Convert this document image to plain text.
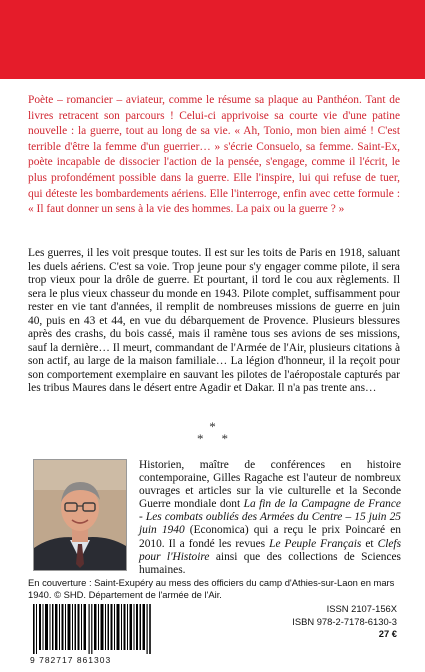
Poète – romancier – aviateur, comme le résume sa plaque au Panthéon. Tant de livres retracent son parcours ! Celui-ci apprivoise sa courte vie d'une patine nouvelle : la guerre, tout au long de sa vie. « Ah, Tonio, mon bien aimé ! C'est terrible d'être la femme d'un guerrier… » s'écrie Consuelo, sa femme. Saint-Ex, poète incapable de dissocier l'action de la pensée, s'engage, comme il l'écrit, le plus profondément possible dans la guerre. Elle l'inspire, lui qui refuse de tuer, qui déteste les bombardements aériens. Elle l'interroge, enfin avec cette formule : « Il faut donner un sens à la vie des hommes. La paix ou la guerre ? »
Les guerres, il les voit presque toutes. Il est sur les toits de Paris en 1918, saluant les duels aériens. C'est sa voie. Trop jeune pour s'y engager comme pilote, il sera trop vieux pour la drôle de guerre. Et pourtant, il tord le cou aux règlements. Il sera le plus vieux chasseur du monde en 1943. Pilote complet, suffisamment pour rester en vie tant d'années, il remplit de nombreuses missions de guerre en juin 40, puis en 43 et 44, en vue du débarquement de Provence. Plusieurs blessures après des crashs, du bois cassé, mais il ramène tous ses avions de ses missions, sauf la dernière… Il meurt, commandant de l'Armée de l'Air, plusieurs citations à son actif, au large de la maison familiale… La légion d'honneur, il la reçoit pour son comportement exemplaire en sauvant les pilotes de l'aéropostale capturés par les tribus Maures dans le désert entre Agadir et Dakar. Il n'a pas trente ans…
*
**
Historien, maître de conférences en histoire contemporaine, Gilles Ragache est l'auteur de nombreux ouvrages et articles sur la vie culturelle et la Seconde Guerre mondiale dont La fin de la Campagne de France - Les combats oubliés des Armées du Centre – 15 juin 25 juin 1940 (Economica) qui a reçu le prix Poincaré en 2010. Il a fondé les revues Le Peuple Français et Clefs pour l'Histoire ainsi que des collections de Sciences humaines.
En couverture : Saint-Exupéry au mess des officiers du camp d'Athies-sur-Laon en mars 1940. © SHD. Département de l'armée de l'Air.
9 782717 861303
ISSN 2107-156X
ISBN 978-2-7178-6130-3
27 €
